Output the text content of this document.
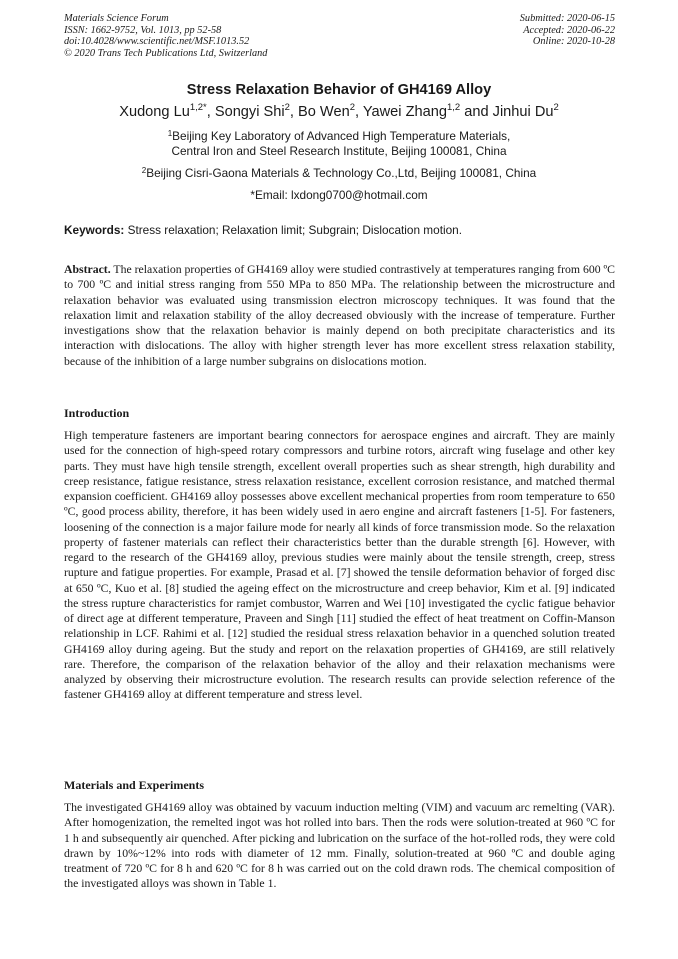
Materials Science Forum
ISSN: 1662-9752, Vol. 1013, pp 52-58
doi:10.4028/www.scientific.net/MSF.1013.52
© 2020 Trans Tech Publications Ltd, Switzerland
Submitted: 2020-06-15
Accepted: 2020-06-22
Online: 2020-10-28
Stress Relaxation Behavior of GH4169 Alloy
Xudong $Lu^{1,2*}$, Songyi Shi$^2$, Bo Wen$^2$, Yawei Zhang$^{1,2}$ and Jinhui Du$^2$
$^1$Beijing Key Laboratory of Advanced High Temperature Materials,
Central Iron and Steel Research Institute, Beijing 100081, China
$^2$Beijing Cisri-Gaona Materials & Technology Co.,Ltd, Beijing 100081, China
*Email: lxdong0700@hotmail.com
Keywords: Stress relaxation; Relaxation limit; Subgrain; Dislocation motion.
Abstract. The relaxation properties of GH4169 alloy were studied contrastively at temperatures ranging from 600 ºC to 700 ºC and initial stress ranging from 550 MPa to 850 MPa. The relationship between the microstructure and relaxation behavior was evaluated using transmission electron microscopy techniques. It was found that the relaxation limit and relaxation stability of the alloy decreased obviously with the increase of temperature. Further investigations show that the relaxation behavior is mainly depend on both precipitate characteristics and its interaction with dislocations. The alloy with higher strength lever has more excellent stress relaxation stability, because of the inhibition of a large number subgrains on dislocations motion.
Introduction
High temperature fasteners are important bearing connectors for aerospace engines and aircraft. They are mainly used for the connection of high-speed rotary compressors and turbine rotors, aircraft wing fuselage and other key parts. They must have high tensile strength, excellent overall properties such as shear strength, high durability and creep resistance, fatigue resistance, stress relaxation resistance, excellent corrosion resistance, and matched thermal expansion coefficient. GH4169 alloy possesses above excellent mechanical properties from room temperature to 650 ºC, good process ability, therefore, it has been widely used in aero engine and aircraft fasteners [1-5]. For fasteners, loosening of the connection is a major failure mode for nearly all kinds of force transmission mode. So the relaxation property of fastener materials can reflect their characteristics better than the durable strength [6]. However, with regard to the research of the GH4169 alloy, previous studies were mainly about the tensile strength, creep, stress rupture and fatigue properties. For example, Prasad et al. [7] showed the tensile deformation behavior of forged disc at 650 ºC, Kuo et al. [8] studied the ageing effect on the microstructure and creep behavior, Kim et al. [9] indicated the stress rupture characteristics for ramjet combustor, Warren and Wei [10] investigated the cyclic fatigue behavior of direct age at different temperature, Praveen and Singh [11] studied the effect of heat treatment on Coffin-Manson relationship in LCF. Rahimi et al. [12] studied the residual stress relaxation behavior in a quenched solution treated GH4169 alloy during ageing. But the study and report on the relaxation properties of GH4169, are still relatively rare. Therefore, the comparison of the relaxation behavior of the alloy and their relaxation mechanisms were analyzed by observing their microstructure evolution. The research results can provide selection reference of the fastener GH4169 alloy at different temperature and stress level.
Materials and Experiments
The investigated GH4169 alloy was obtained by vacuum induction melting (VIM) and vacuum arc remelting (VAR). After homogenization, the remelted ingot was hot rolled into bars. Then the rods were solution-treated at 960 ºC for 1 h and subsequently air quenched. After picking and lubrication on the surface of the hot-rolled rods, they were cold drawn by 10%~12% into rods with diameter of 12 mm. Finally, solution-treated at 960 ºC and double aging treatment of 720 ºC for 8 h and 620 ºC for 8 h was carried out on the cold drawn rods. The chemical composition of the investigated alloys was shown in Table 1.
